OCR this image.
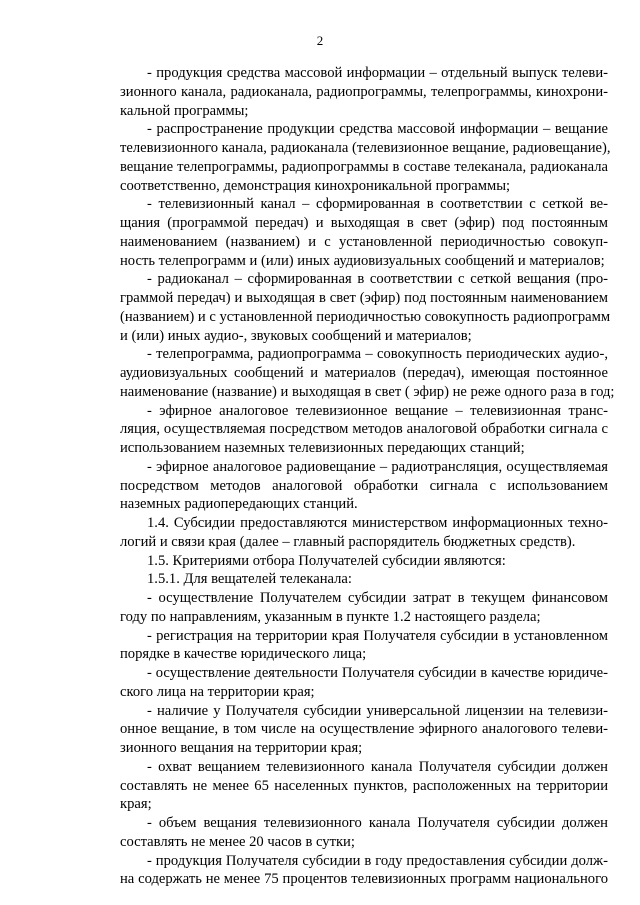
2
- продукция средства массовой информации – отдельный выпуск телеви-
зионного канала, радиоканала, радиопрограммы, телепрограммы, кинохрони-
кальной программы;
- распространение продукции средства массовой информации – вещание
телевизионного канала, радиоканала (телевизионное вещание, радиовещание),
вещание телепрограммы, радиопрограммы в составе телеканала, радиоканала
соответственно, демонстрация кинохроникальной программы;
- телевизионный канал – сформированная в соответствии с сеткой ве-
щания (программой передач) и выходящая в свет (эфир) под постоянным
наименованием (названием) и с установленной периодичностью совокуп-
ность телепрограмм и (или) иных аудиовизуальных сообщений и материалов;
- радиоканал – сформированная в соответствии с сеткой вещания (про-
граммой передач) и выходящая в свет (эфир) под постоянным наименованием
(названием) и с установленной периодичностью совокупность радиопрограмм
и (или) иных аудио-, звуковых сообщений и материалов;
- телепрограмма, радиопрограмма – совокупность периодических аудио-,
аудиовизуальных сообщений и материалов (передач), имеющая постоянное
наименование (название) и выходящая в свет ( эфир) не реже одного раза в год;
- эфирное аналоговое телевизионное вещание – телевизионная транс-
ляция, осуществляемая посредством методов аналоговой обработки сигнала с
использованием наземных телевизионных передающих станций;
- эфирное аналоговое радиовещание – радиотрансляция, осуществляемая
посредством методов аналоговой обработки сигнала с использованием
наземных радиопередающих станций.
1.4. Субсидии предоставляются министерством информационных техно-
логий и связи края (далее – главный распорядитель бюджетных средств).
1.5. Критериями отбора Получателей субсидии являются:
1.5.1. Для вещателей телеканала:
- осуществление Получателем субсидии затрат в текущем финансовом
году по направлениям, указанным в пункте 1.2 настоящего раздела;
- регистрация на территории края Получателя субсидии в установленном
порядке в качестве юридического лица;
- осуществление деятельности Получателя субсидии в качестве юридиче-
ского лица на территории края;
- наличие у Получателя субсидии универсальной лицензии на телевизи-
онное вещание, в том числе на осуществление эфирного аналогового телеви-
зионного вещания на территории края;
- охват вещанием телевизионного канала Получателя субсидии должен
составлять не менее 65 населенных пунктов, расположенных на территории
края;
- объем вещания телевизионного канала Получателя субсидии должен
составлять не менее 20 часов в сутки;
- продукция Получателя субсидии в году предоставления субсидии долж-
на содержать не менее 75 процентов телевизионных программ национального
